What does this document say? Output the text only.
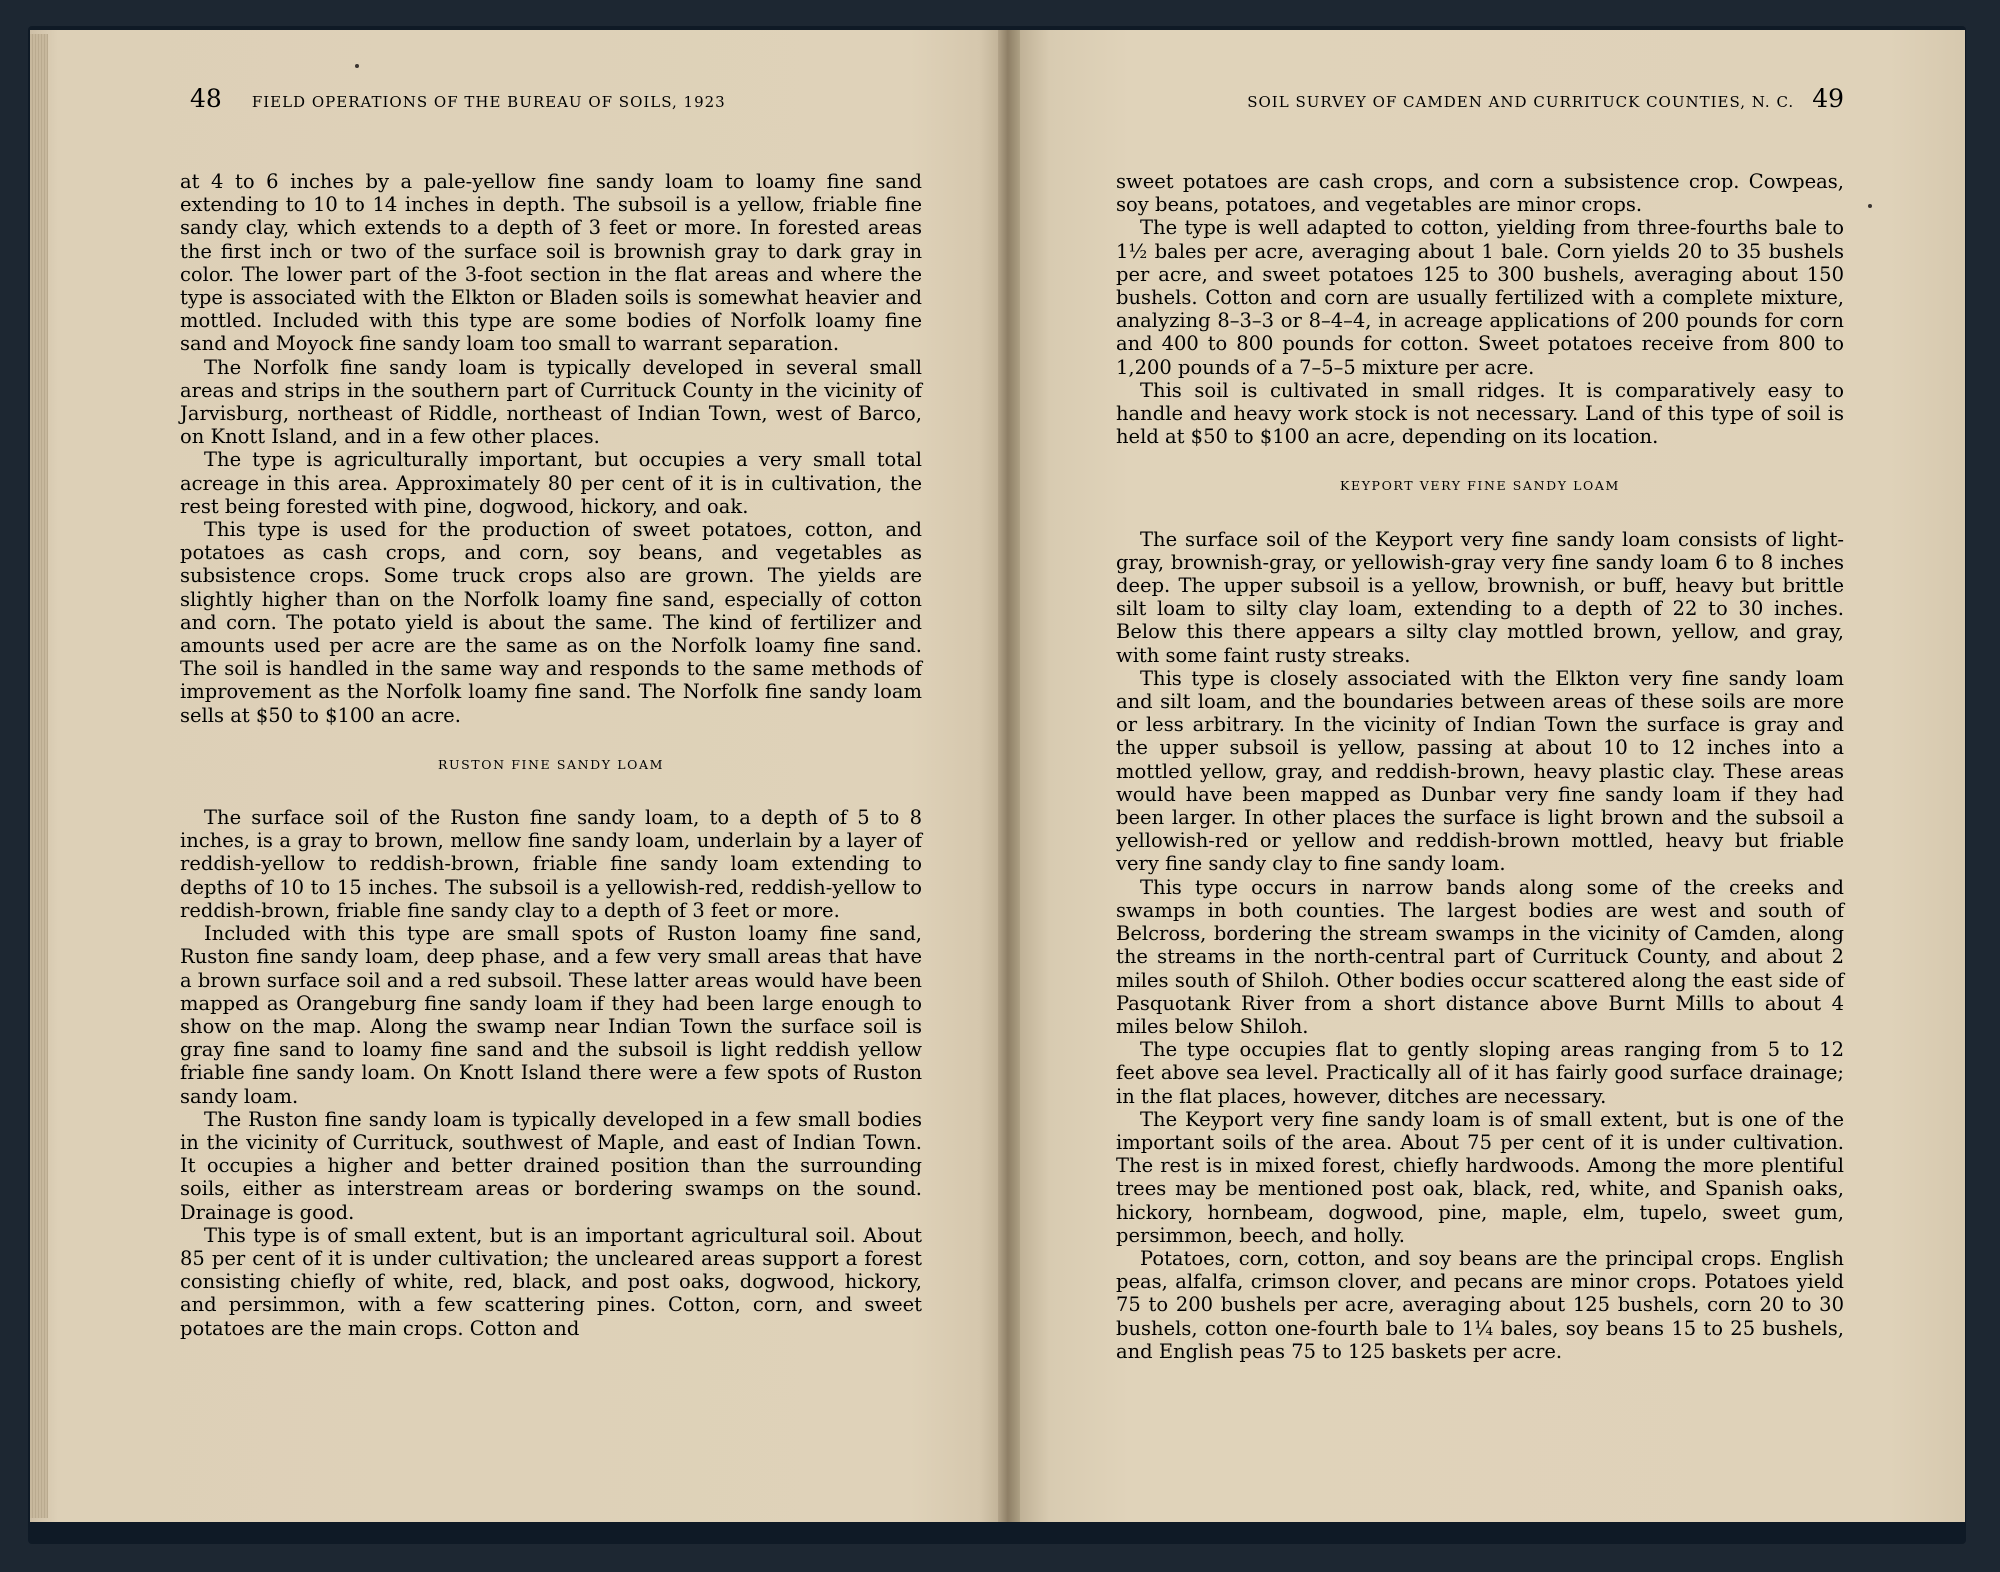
48 FIELD OPERATIONS OF THE BUREAU OF SOILS, 1923	SOIL SURVEY OF CAMDEN AND CURRITUCK COUNTIES, N. C. 49

at 4 to 6 inches by a pale-yellow fine sandy loam to loamy fine sand extending to 10 to 14 inches in depth. The subsoil is a yellow, friable fine sandy clay, which extends to a depth of 3 feet or more. In forested areas the first inch or two of the surface soil is brownish gray to dark gray in color. The lower part of the 3-foot section in the flat areas and where the type is associated with the Elkton or Bladen soils is somewhat heavier and mottled. Included with this type are some bodies of Norfolk loamy fine sand and Moyock fine sandy loam too small to warrant separation.

The Norfolk fine sandy loam is typically developed in several small areas and strips in the southern part of Currituck County in the vicinity of Jarvisburg, northeast of Riddle, northeast of Indian Town, west of Barco, on Knott Island, and in a few other places.

The type is agriculturally important, but occupies a very small total acreage in this area. Approximately 80 per cent of it is in cultivation, the rest being forested with pine, dogwood, hickory, and oak.

This type is used for the production of sweet potatoes, cotton, and potatoes as cash crops, and corn, soy beans, and vegetables as subsistence crops. Some truck crops also are grown. The yields are slightly higher than on the Norfolk loamy fine sand, especially of cotton and corn. The potato yield is about the same. The kind of fertilizer and amounts used per acre are the same as on the Norfolk loamy fine sand. The soil is handled in the same way and responds to the same methods of improvement as the Norfolk loamy fine sand. The Norfolk fine sandy loam sells at $50 to $100 an acre.

RUSTON FINE SANDY LOAM

The surface soil of the Ruston fine sandy loam, to a depth of 5 to 8 inches, is a gray to brown, mellow fine sandy loam, underlain by a layer of reddish-yellow to reddish-brown, friable fine sandy loam extending to depths of 10 to 15 inches. The subsoil is a yellowish-red, reddish-yellow to reddish-brown, friable fine sandy clay to a depth of 3 feet or more.

Included with this type are small spots of Ruston loamy fine sand, Ruston fine sandy loam, deep phase, and a few very small areas that have a brown surface soil and a red subsoil. These latter areas would have been mapped as Orangeburg fine sandy loam if they had been large enough to show on the map. Along the swamp near Indian Town the surface soil is gray fine sand to loamy fine sand and the subsoil is light reddish yellow friable fine sandy loam. On Knott Island there were a few spots of Ruston sandy loam.

The Ruston fine sandy loam is typically developed in a few small bodies in the vicinity of Currituck, southwest of Maple, and east of Indian Town. It occupies a higher and better drained position than the surrounding soils, either as interstream areas or bordering swamps on the sound. Drainage is good.

This type is of small extent, but is an important agricultural soil. About 85 per cent of it is under cultivation; the uncleared areas support a forest consisting chiefly of white, red, black, and post oaks, dogwood, hickory, and persimmon, with a few scattering pines. Cotton, corn, and sweet potatoes are the main crops. Cotton and

sweet potatoes are cash crops, and corn a subsistence crop. Cowpeas, soy beans, potatoes, and vegetables are minor crops.

The type is well adapted to cotton, yielding from three-fourths bale to 1½ bales per acre, averaging about 1 bale. Corn yields 20 to 35 bushels per acre, and sweet potatoes 125 to 300 bushels, averaging about 150 bushels. Cotton and corn are usually fertilized with a complete mixture, analyzing 8–3–3 or 8–4–4, in acreage applications of 200 pounds for corn and 400 to 800 pounds for cotton. Sweet potatoes receive from 800 to 1,200 pounds of a 7–5–5 mixture per acre.

This soil is cultivated in small ridges. It is comparatively easy to handle and heavy work stock is not necessary. Land of this type of soil is held at $50 to $100 an acre, depending on its location.

KEYPORT VERY FINE SANDY LOAM

The surface soil of the Keyport very fine sandy loam consists of light-gray, brownish-gray, or yellowish-gray very fine sandy loam 6 to 8 inches deep. The upper subsoil is a yellow, brownish, or buff, heavy but brittle silt loam to silty clay loam, extending to a depth of 22 to 30 inches. Below this there appears a silty clay mottled brown, yellow, and gray, with some faint rusty streaks.

This type is closely associated with the Elkton very fine sandy loam and silt loam, and the boundaries between areas of these soils are more or less arbitrary. In the vicinity of Indian Town the surface is gray and the upper subsoil is yellow, passing at about 10 to 12 inches into a mottled yellow, gray, and reddish-brown, heavy plastic clay. These areas would have been mapped as Dunbar very fine sandy loam if they had been larger. In other places the surface is light brown and the subsoil a yellowish-red or yellow and reddish-brown mottled, heavy but friable very fine sandy clay to fine sandy loam.

This type occurs in narrow bands along some of the creeks and swamps in both counties. The largest bodies are west and south of Belcross, bordering the stream swamps in the vicinity of Camden, along the streams in the north-central part of Currituck County, and about 2 miles south of Shiloh. Other bodies occur scattered along the east side of Pasquotank River from a short distance above Burnt Mills to about 4 miles below Shiloh.

The type occupies flat to gently sloping areas ranging from 5 to 12 feet above sea level. Practically all of it has fairly good surface drainage; in the flat places, however, ditches are necessary.

The Keyport very fine sandy loam is of small extent, but is one of the important soils of the area. About 75 per cent of it is under cultivation. The rest is in mixed forest, chiefly hardwoods. Among the more plentiful trees may be mentioned post oak, black, red, white, and Spanish oaks, hickory, hornbeam, dogwood, pine, maple, elm, tupelo, sweet gum, persimmon, beech, and holly.

Potatoes, corn, cotton, and soy beans are the principal crops. English peas, alfalfa, crimson clover, and pecans are minor crops. Potatoes yield 75 to 200 bushels per acre, averaging about 125 bushels, corn 20 to 30 bushels, cotton one-fourth bale to 1¼ bales, soy beans 15 to 25 bushels, and English peas 75 to 125 baskets per acre.
